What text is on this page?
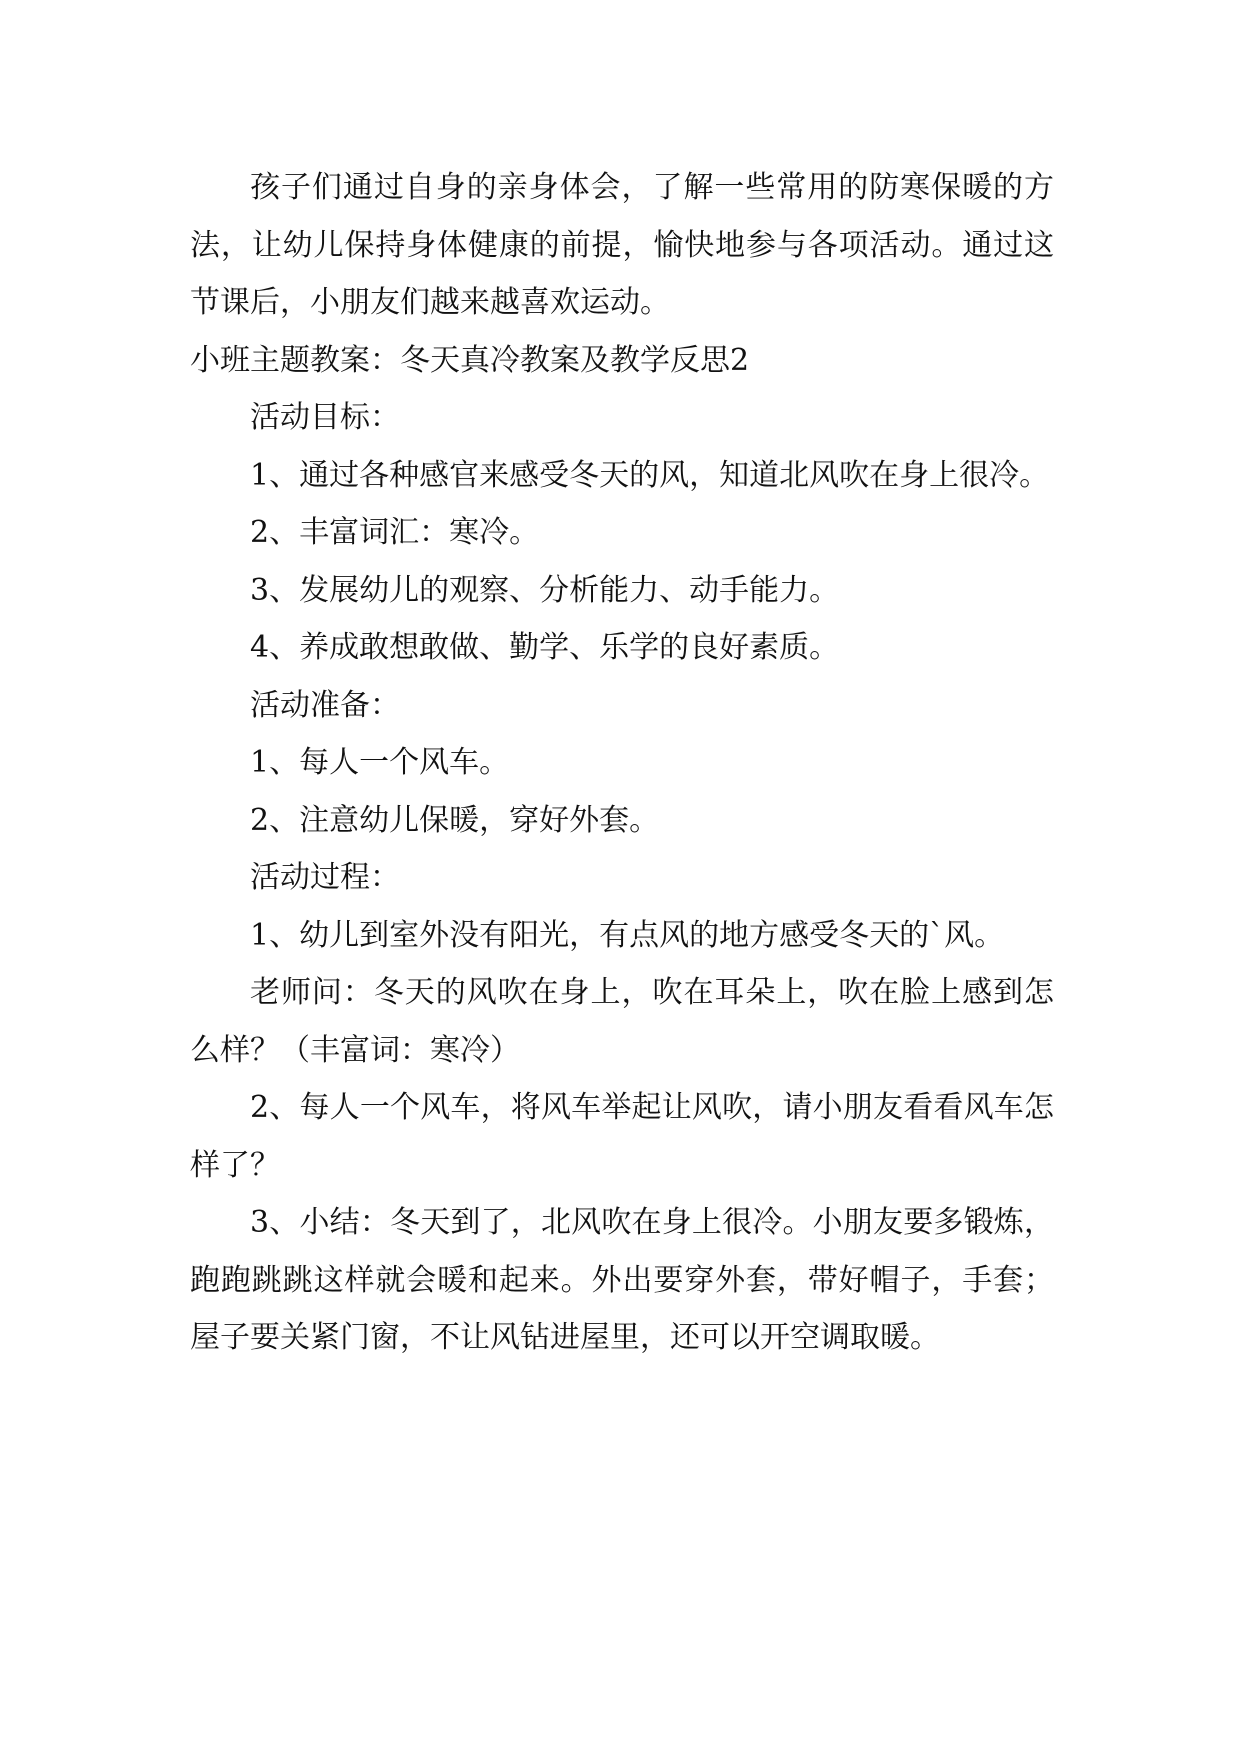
孩子们通过自身的亲身体会，了解一些常用的防寒保暖的方法，让幼儿保持身体健康的前提，愉快地参与各项活动。通过这节课后，小朋友们越来越喜欢运动。

小班主题教案：冬天真冷教案及教学反思2

活动目标：

1、通过各种感官来感受冬天的风，知道北风吹在身上很冷。

2、丰富词汇：寒冷。

3、发展幼儿的观察、分析能力、动手能力。

4、养成敢想敢做、勤学、乐学的良好素质。

活动准备：

1、每人一个风车。

2、注意幼儿保暖，穿好外套。

活动过程：

1、幼儿到室外没有阳光，有点风的地方感受冬天的`风。

老师问：冬天的风吹在身上，吹在耳朵上，吹在脸上感到怎么样？（丰富词：寒冷）

2、每人一个风车，将风车举起让风吹，请小朋友看看风车怎样了？

3、小结：冬天到了，北风吹在身上很冷。小朋友要多锻炼，跑跑跳跳这样就会暖和起来。外出要穿外套，带好帽子，手套；屋子要关紧门窗，不让风钻进屋里，还可以开空调取暖。
